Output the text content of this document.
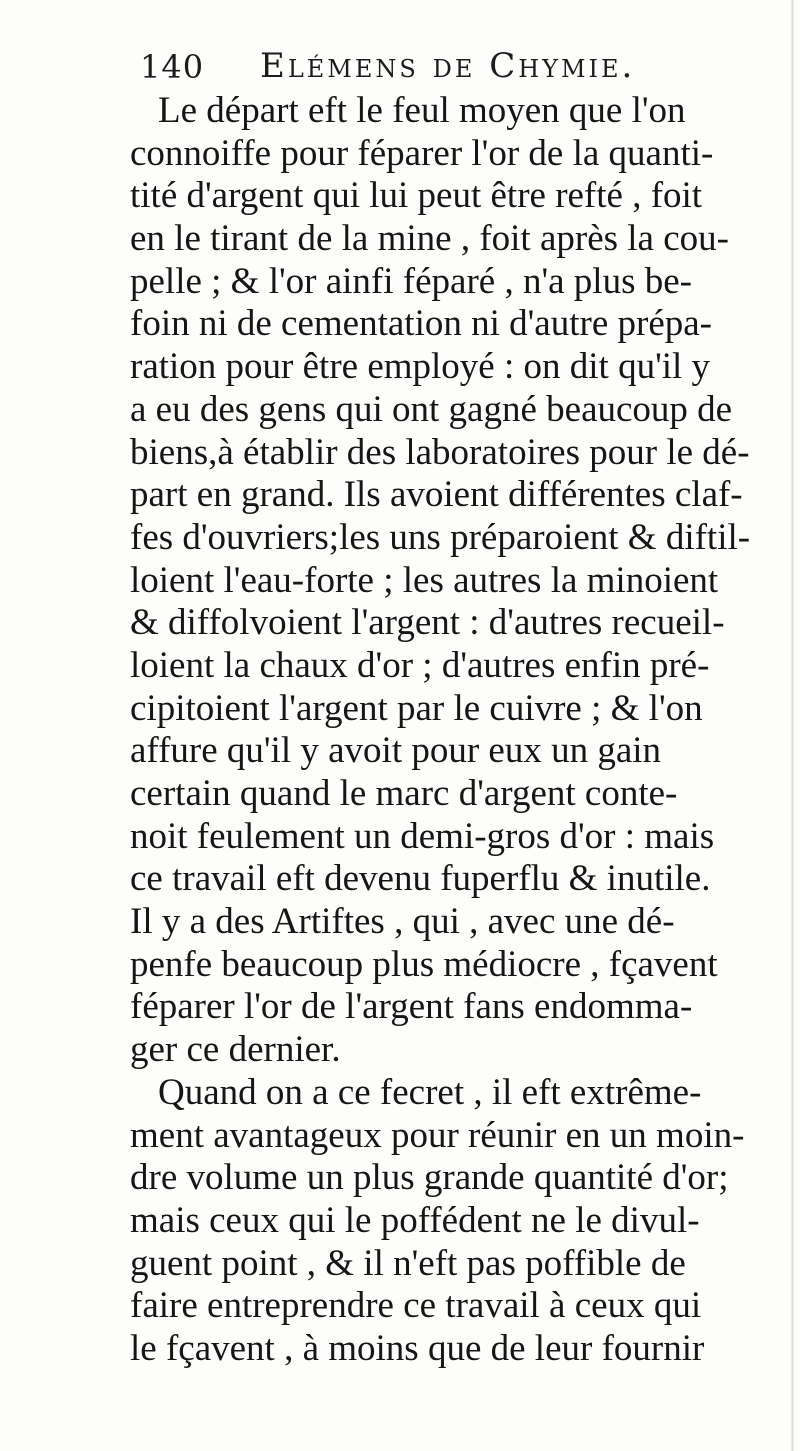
140 Elémens de Chymie.
Le départ eft le feul moyen que l'on
connoiffe pour féparer l'or de la quanti-
tité d'argent qui lui peut être refté , foit
en le tirant de la mine , foit après la cou-
pelle ; & l'or ainfi féparé , n'a plus be-
foin ni de cementation ni d'autre prépa-
ration pour être employé : on dit qu'il y
a eu des gens qui ont gagné beaucoup de
biens,à établir des laboratoires pour le dé-
part en grand. Ils avoient différentes claf-
fes d'ouvriers;les uns préparoient & diftil-
loient l'eau-forte ; les autres la minoient
& diffolvoient l'argent : d'autres recueil-
loient la chaux d'or ; d'autres enfin pré-
cipitoient l'argent par le cuivre ; & l'on
affure qu'il y avoit pour eux un gain
certain quand le marc d'argent conte-
noit feulement un demi-gros d'or : mais
ce travail eft devenu fuperflu & inutile.
Il y a des Artiftes , qui , avec une dé-
penfe beaucoup plus médiocre , fçavent
féparer l'or de l'argent fans endomma-
ger ce dernier.
Quand on a ce fecret , il eft extrême-
ment avantageux pour réunir en un moin-
dre volume un plus grande quantité d'or;
mais ceux qui le poffédent ne le divul-
guent point , & il n'eft pas poffible de
faire entreprendre ce travail à ceux qui
le fçavent , à moins que de leur fournir
